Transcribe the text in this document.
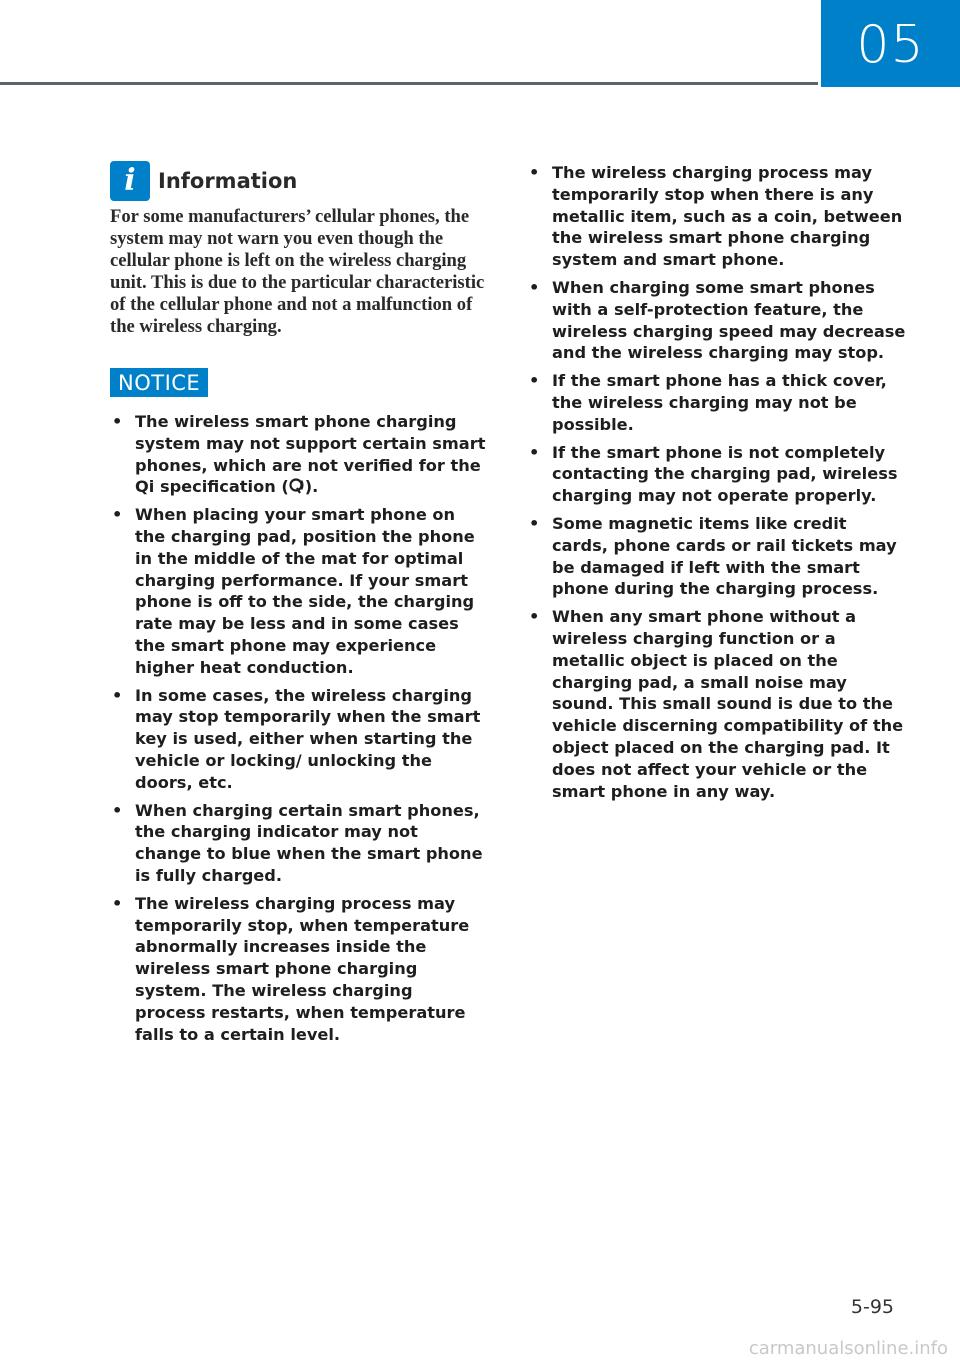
05
i Information
For some manufacturers’ cellular phones, the system may not warn you even though the cellular phone is left on the wireless charging unit. This is due to the particular characteristic of the cellular phone and not a malfunction of the wireless charging.
NOTICE
• The wireless smart phone charging system may not support certain smart phones, which are not verified for the Qi specification ( ).
• When placing your smart phone on the charging pad, position the phone in the middle of the mat for optimal charging performance. If your smart phone is off to the side, the charging rate may be less and in some cases the smart phone may experience higher heat conduction.
• In some cases, the wireless charging may stop temporarily when the smart key is used, either when starting the vehicle or locking/ unlocking the doors, etc.
• When charging certain smart phones, the charging indicator may not change to blue when the smart phone is fully charged.
• The wireless charging process may temporarily stop, when temperature abnormally increases inside the wireless smart phone charging system. The wireless charging process restarts, when temperature falls to a certain level.
• The wireless charging process may temporarily stop when there is any metallic item, such as a coin, between the wireless smart phone charging system and smart phone.
• When charging some smart phones with a self-protection feature, the wireless charging speed may decrease and the wireless charging may stop.
• If the smart phone has a thick cover, the wireless charging may not be possible.
• If the smart phone is not completely contacting the charging pad, wireless charging may not operate properly.
• Some magnetic items like credit cards, phone cards or rail tickets may be damaged if left with the smart phone during the charging process.
• When any smart phone without a wireless charging function or a metallic object is placed on the charging pad, a small noise may sound. This small sound is due to the vehicle discerning compatibility of the object placed on the charging pad. It does not affect your vehicle or the smart phone in any way.
5-95
carmanualsonline.info
